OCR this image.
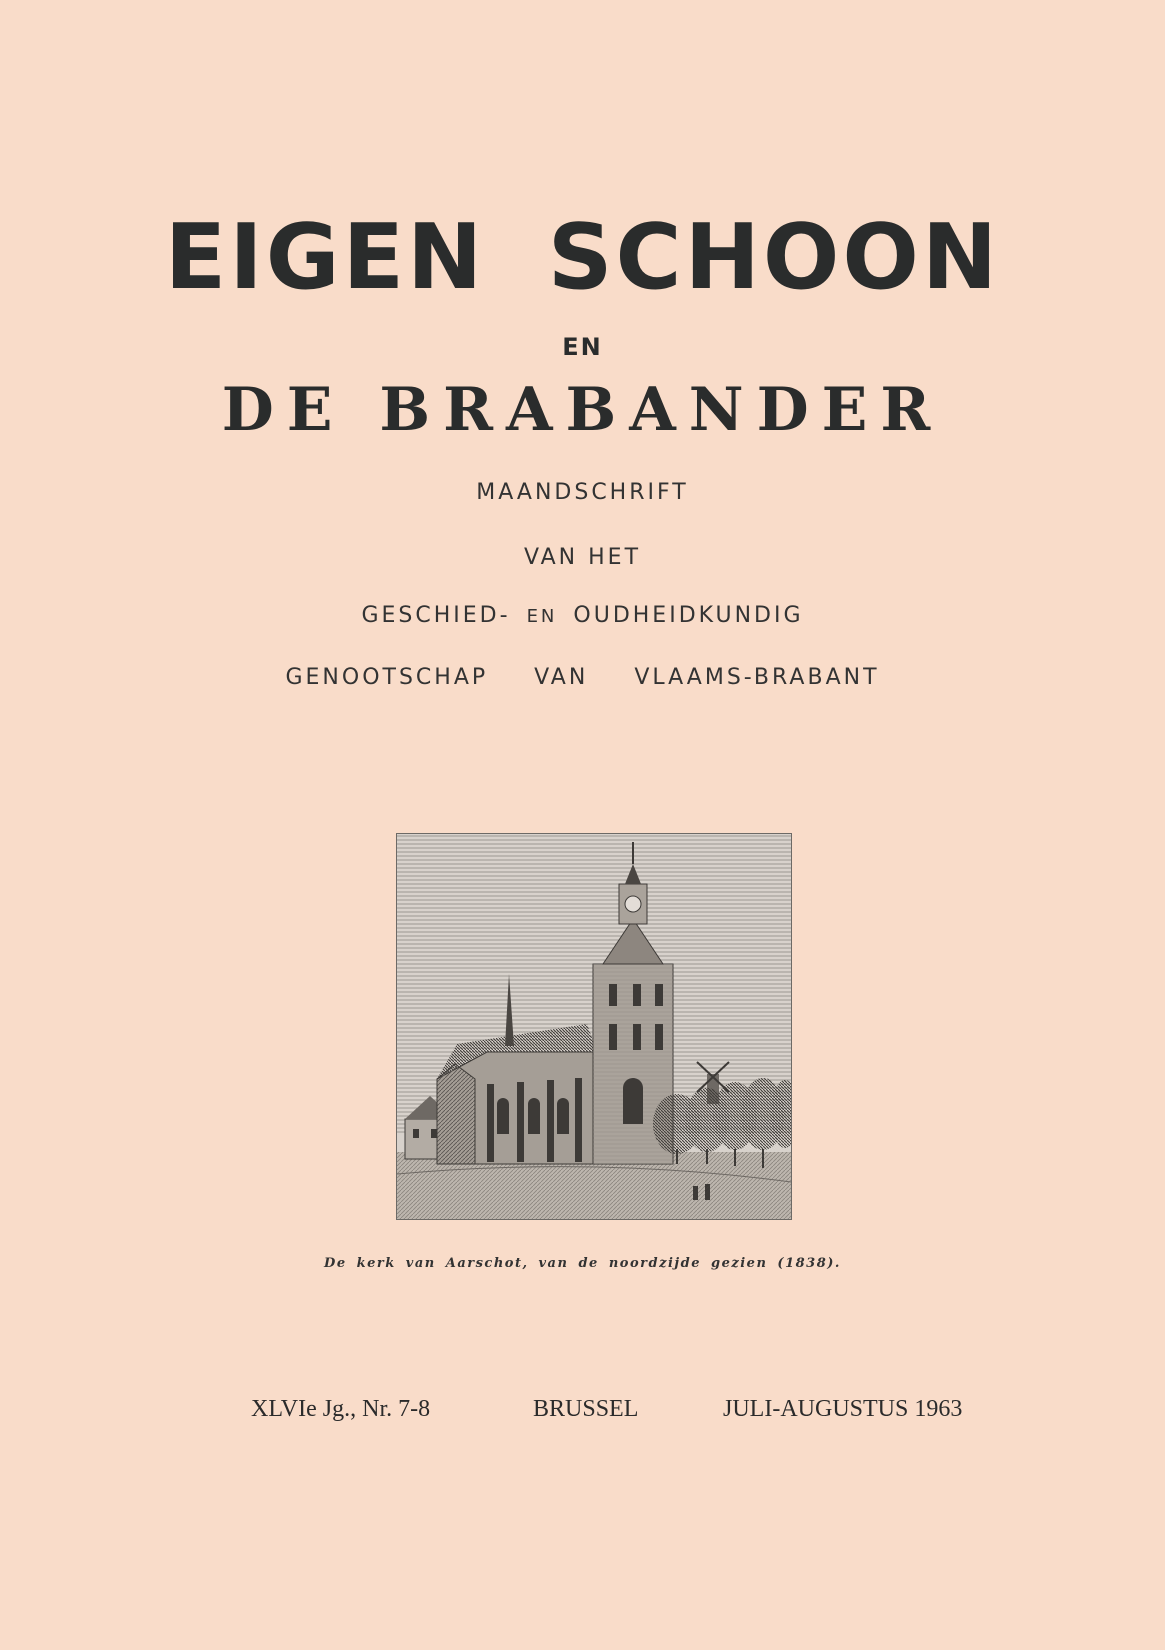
EIGEN SCHOON
EN
DE BRABANDER
MAANDSCHRIFT
VAN HET
GESCHIED- EN OUDHEIDKUNDIG
GENOOTSCHAP VAN VLAAMS-BRABANT
De kerk van Aarschot, van de noordzijde gezien (1838).
XLVIe Jg., Nr. 7-8	BRUSSEL	JULI-AUGUSTUS 1963
